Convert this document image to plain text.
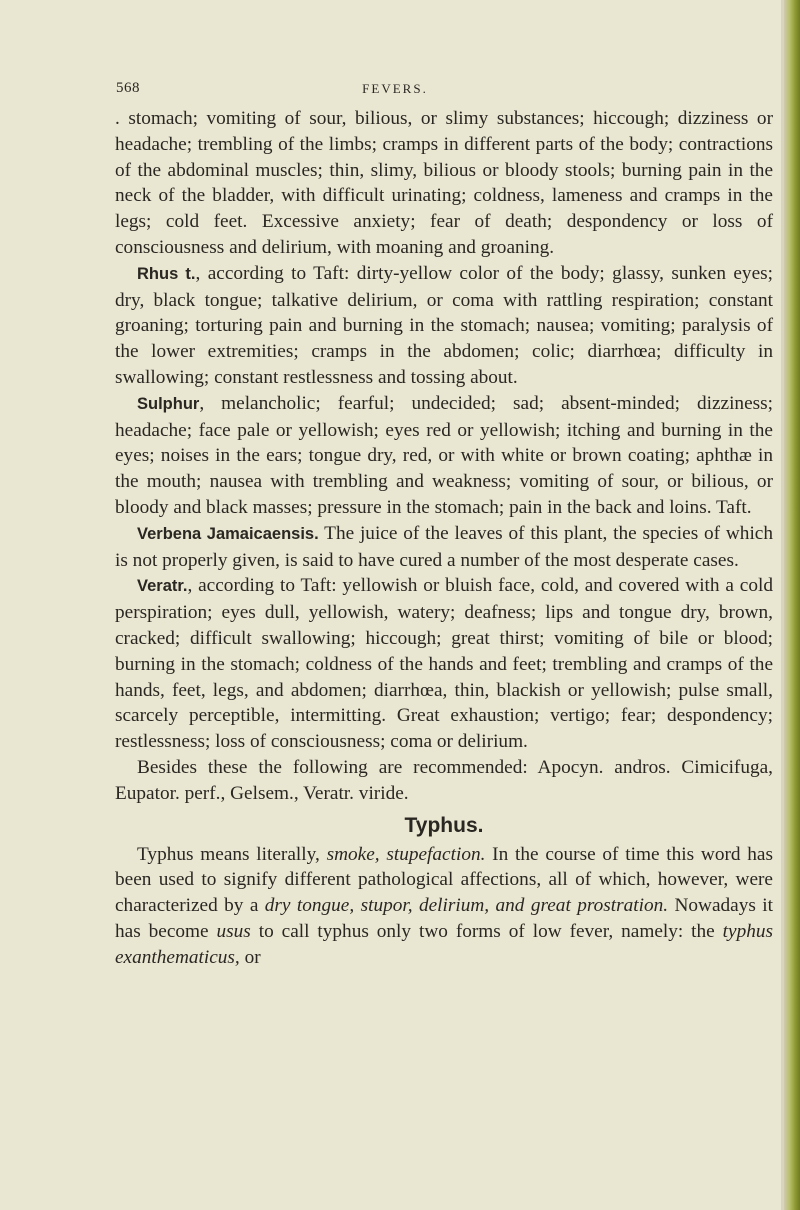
568	FEVERS.

. stomach; vomiting of sour, bilious, or slimy substances; hiccough; dizziness or headache; trembling of the limbs; cramps in different parts of the body; contractions of the abdominal muscles; thin, slimy, bilious or bloody stools; burning pain in the neck of the bladder, with difficult urinating; coldness, lameness and cramps in the legs; cold feet. Excessive anxiety; fear of death; despondency or loss of consciousness and delirium, with moaning and groaning.

Rhus t., according to Taft: dirty-yellow color of the body; glassy, sunken eyes; dry, black tongue; talkative delirium, or coma with rattling respiration; constant groaning; torturing pain and burning in the stomach; nausea; vomiting; paralysis of the lower extremities; cramps in the abdomen; colic; diarrhœa; difficulty in swallowing; constant restlessness and tossing about.

Sulphur, melancholic; fearful; undecided; sad; absent-minded; dizziness; headache; face pale or yellowish; eyes red or yellowish; itching and burning in the eyes; noises in the ears; tongue dry, red, or with white or brown coating; aphthæ in the mouth; nausea with trembling and weakness; vomiting of sour, or bilious, or bloody and black masses; pressure in the stomach; pain in the back and loins. Taft.

Verbena Jamaicaensis. The juice of the leaves of this plant, the species of which is not properly given, is said to have cured a number of the most desperate cases.

Veratr., according to Taft: yellowish or bluish face, cold, and covered with a cold perspiration; eyes dull, yellowish, watery; deafness; lips and tongue dry, brown, cracked; difficult swallowing; hiccough; great thirst; vomiting of bile or blood; burning in the stomach; coldness of the hands and feet; trembling and cramps of the hands, feet, legs, and abdomen; diarrhœa, thin, blackish or yellowish; pulse small, scarcely perceptible, intermitting. Great exhaustion; vertigo; fear; despondency; restlessness; loss of consciousness; coma or delirium.

Besides these the following are recommended: Apocyn. andros. Cimicifuga, Eupator. perf., Gelsem., Veratr. viride.

Typhus.

Typhus means literally, smoke, stupefaction. In the course of time this word has been used to signify different pathological affections, all of which, however, were characterized by a dry tongue, stupor, delirium, and great prostration. Nowadays it has become usus to call typhus only two forms of low fever, namely: the typhus exanthematicus, or
